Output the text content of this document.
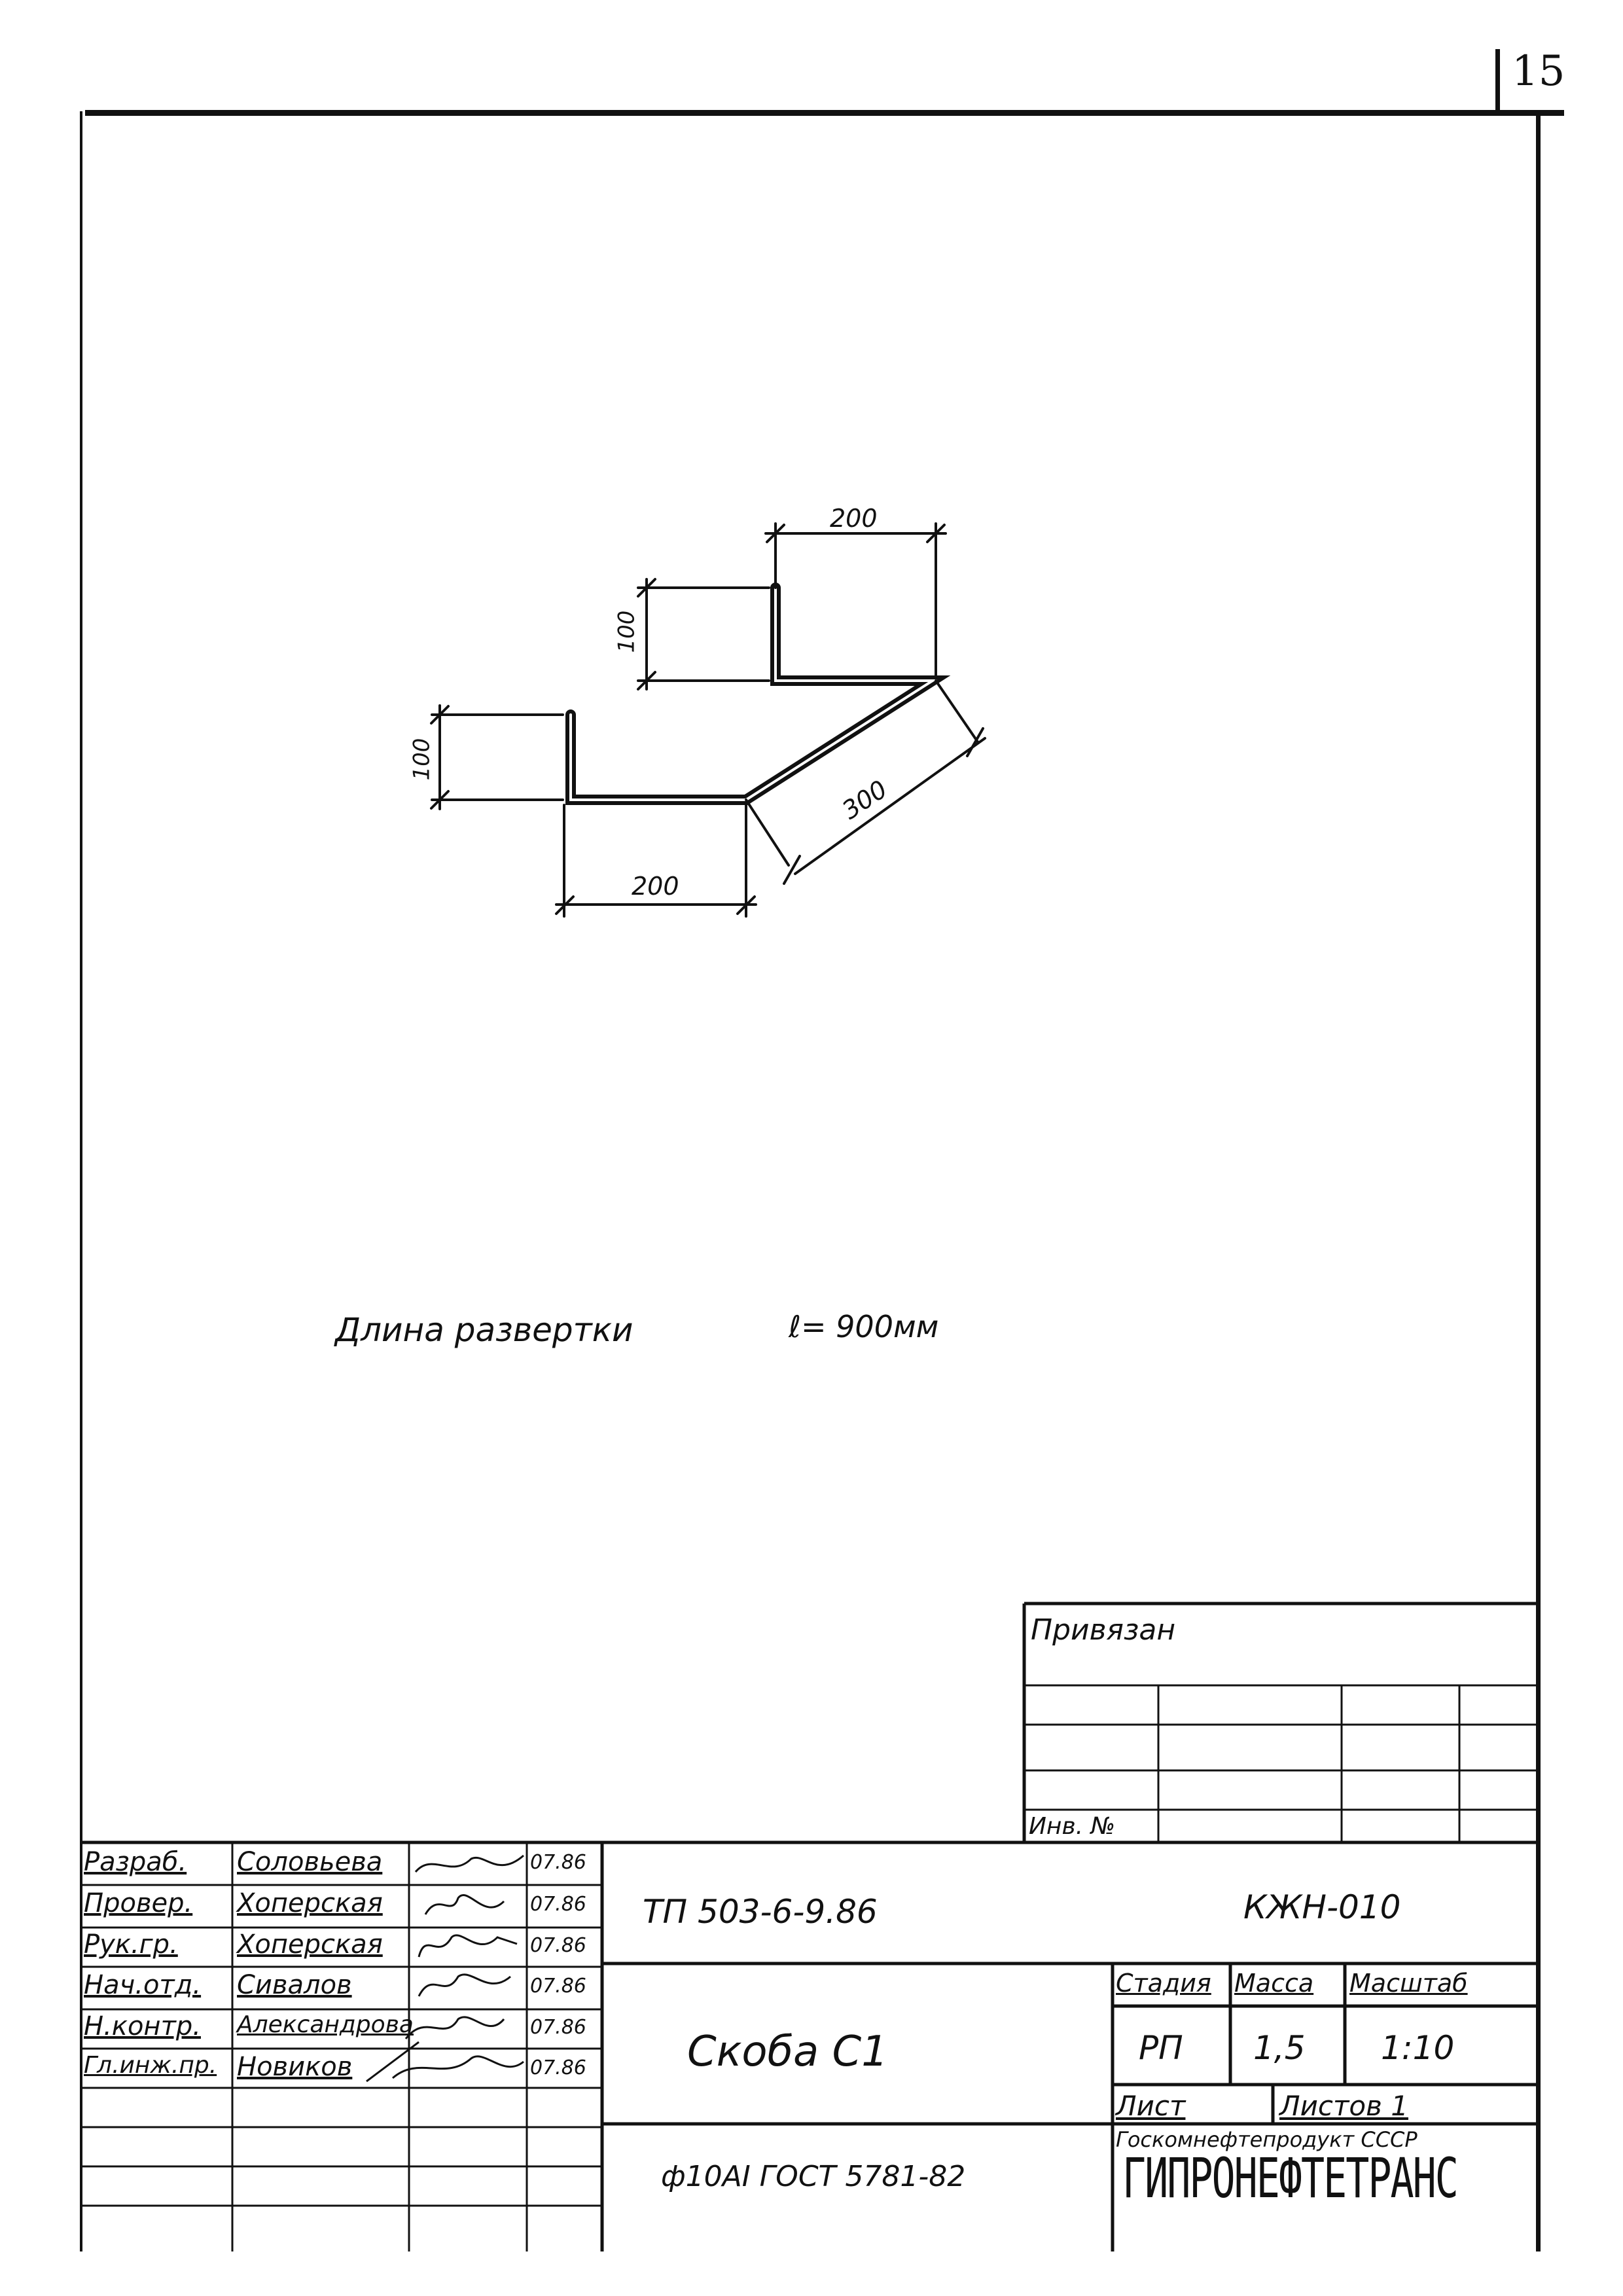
15
200
100
100
300
200
Длина развертки	ℓ= 900мм
Привязан
Инв. №
Разраб. Соловьева	07.86
Провер. Хоперская	07.86
Рук.гр. Хоперская	07.86
Нач.отд. Сивалов	07.86
Н.контр. Александрова	07.86
Гл.инж.пр. Новиков	07.86
ТП 503-6-9.86	КЖН-010
Скоба С1
Стадия Масса Масштаб
РП 1,5 1:10
Лист	Листов 1
ф10АI ГОСТ 5781-82
Госкомнефтепродукт СССР
ГИПРОНЕФТЕТРАНС
